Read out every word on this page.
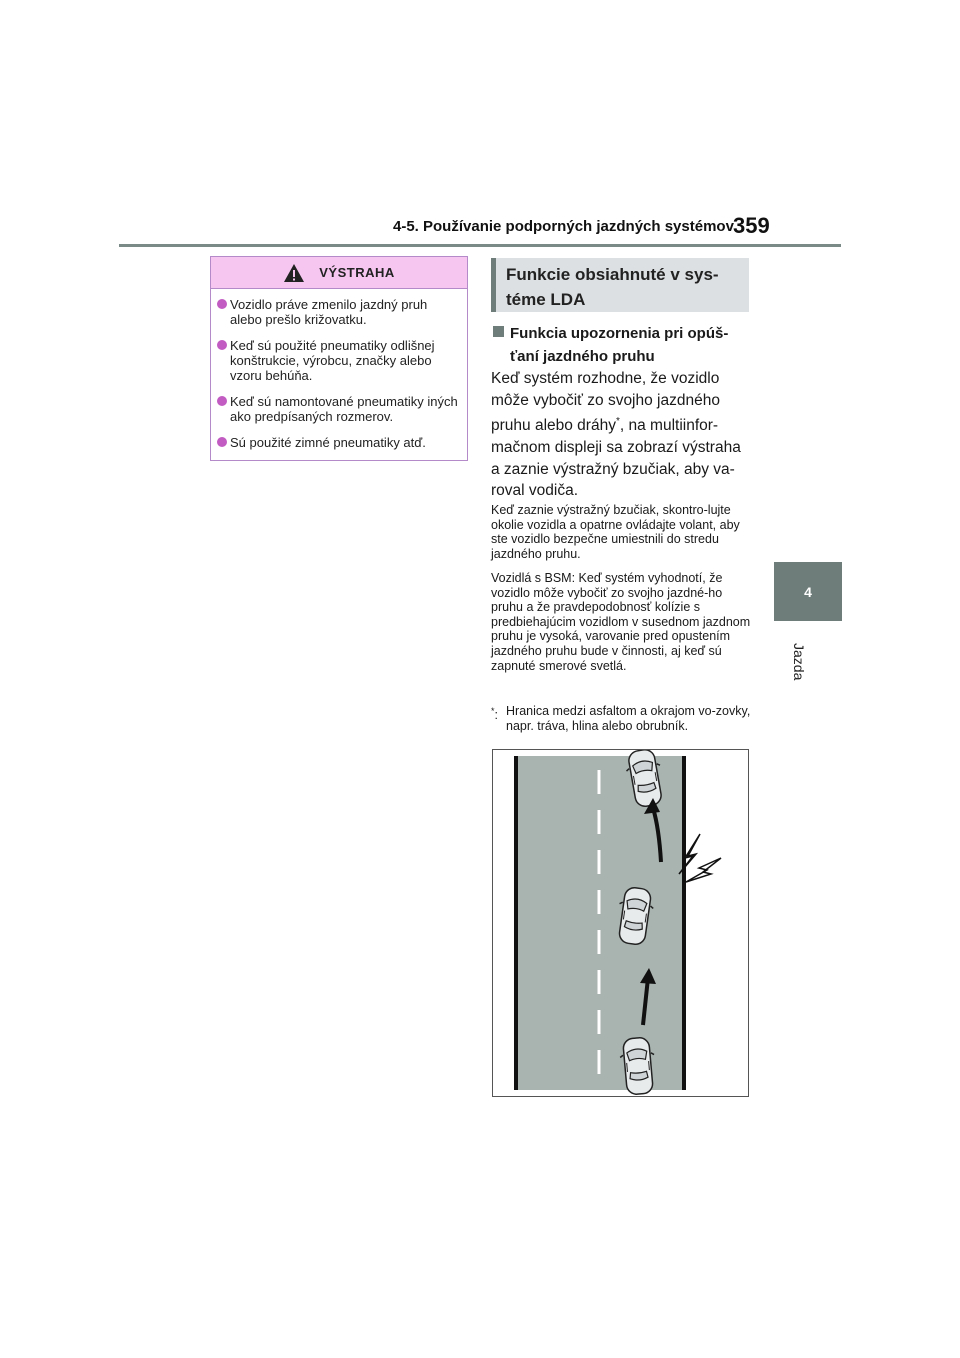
4-5. Používanie podporných jazdných systémov 359
4
Jazda
VÝSTRAHA
Vozidlo práve zmenilo jazdný pruh alebo prešlo križovatku.
Keď sú použité pneumatiky odlišnej konštrukcie, výrobcu, značky alebo vzoru behúňa.
Keď sú namontované pneumatiky iných ako predpísaných rozmerov.
Sú použité zimné pneumatiky atď.
Funkcie obsiahnuté v sys-
téme LDA
Funkcia upozornenia pri opúš-
ťaní jazdného pruhu
Keď systém rozhodne, že vozidlo môže vybočiť zo svojho jazdného pruhu alebo dráhy*, na multiinfor-mačnom displeji sa zobrazí výstraha a zaznie výstražný bzučiak, aby va-roval vodiča.
Keď zaznie výstražný bzučiak, skontro-lujte okolie vozidla a opatrne ovládajte volant, aby ste vozidlo bezpečne umiestnili do stredu jazdného pruhu.
Vozidlá s BSM: Keď systém vyhodnotí, že vozidlo môže vybočiť zo svojho jazdné-ho pruhu a že pravdepodobnosť kolízie s predbiehajúcim vozidlom v susednom jazdnom pruhu je vysoká, varovanie pred opustením jazdného pruhu bude v činnosti, aj keď sú zapnuté smerové svetlá.
*: Hranica medzi asfaltom a okrajom vo-zovky, napr. tráva, hlina alebo obrubník.
